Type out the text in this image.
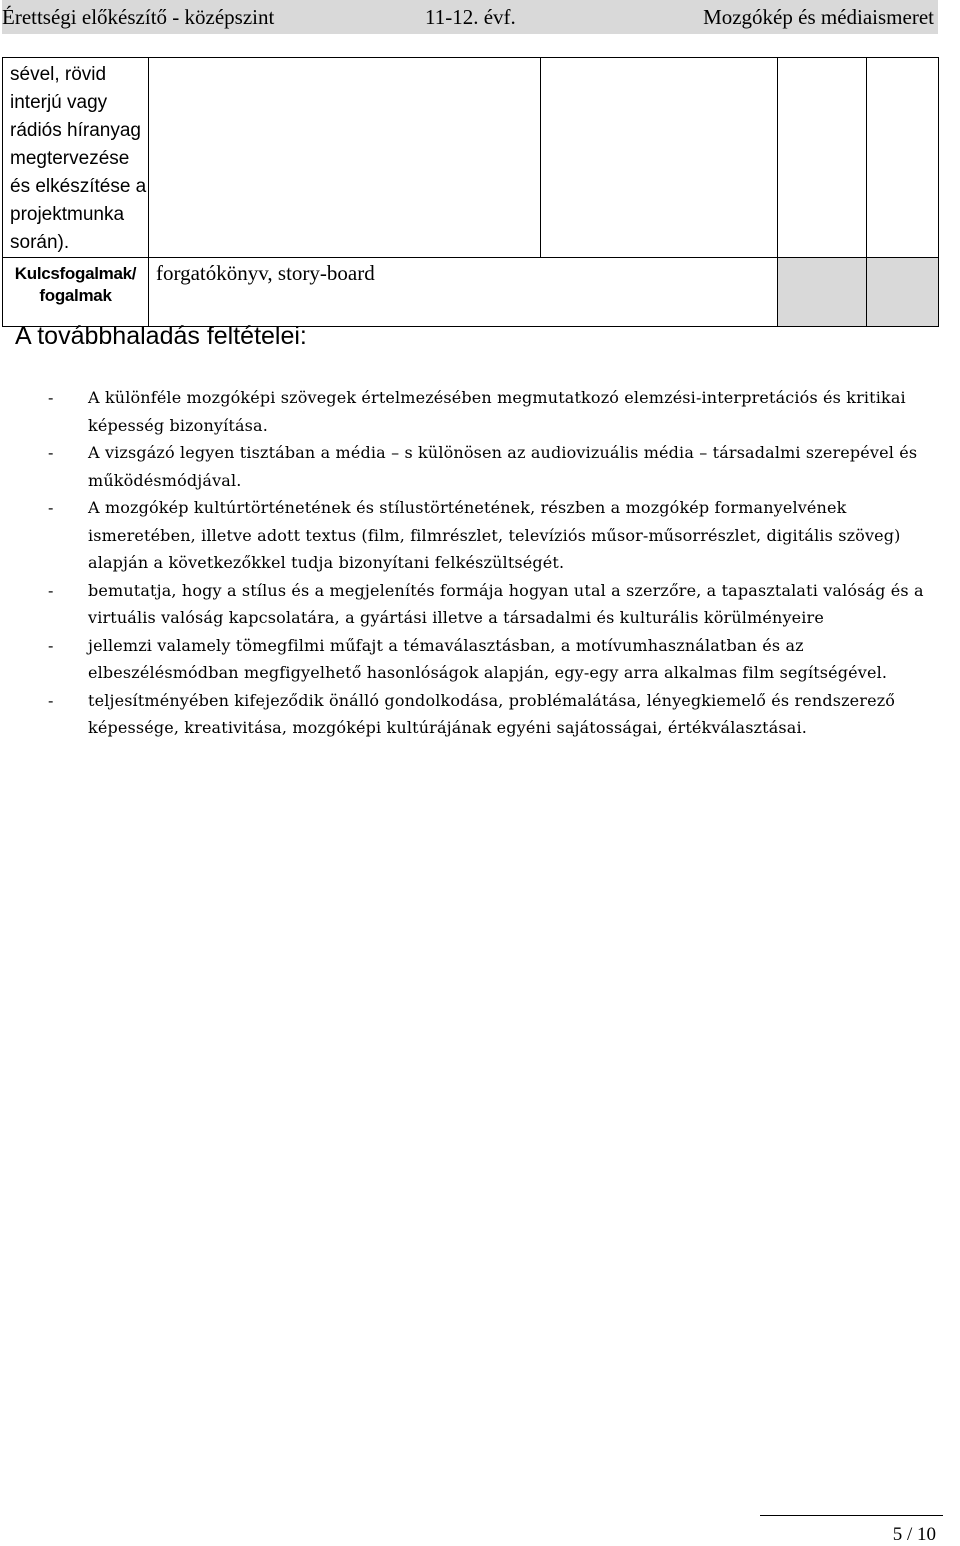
Érettségi előkészítő - középszint	11-12. évf.	Mozgókép és médiaismeret
sével, rövid interjú vagy rádiós híranyag megtervezése és elkészítése a projektmunka során).				

Kulcsfogalmak/ fogalmak	forgatókönyv, story-board			

A továbbhaladás feltételei:
- A különféle mozgóképi szövegek értelmezésében megmutatkozó elemzési-interpretációs és kritikai képesség bizonyítása.
- A vizsgázó legyen tisztában a média – s különösen az audiovizuális média – társadalmi szerepével és működésmódjával.
- A mozgókép kultúrtörténetének és stílustörténetének, részben a mozgókép formanyelvének ismeretében, illetve adott textus (film, filmrészlet, televíziós műsor-műsorrészlet, digitális szöveg) alapján a következőkkel tudja bizonyítani felkészültségét.
- bemutatja, hogy a stílus és a megjelenítés formája hogyan utal a szerzőre, a tapasztalati valóság és a virtuális valóság kapcsolatára, a gyártási illetve a társadalmi és kulturális körülményeire
- jellemzi valamely tömegfilmi műfajt a témaválasztásban, a motívumhasználatban és az elbeszélésmódban megfigyelhető hasonlóságok alapján, egy-egy arra alkalmas film segítségével.
- teljesítményében kifejeződik önálló gondolkodása, problémalátása, lényegkiemelő és rendszerező képessége, kreativitása, mozgóképi kultúrájának egyéni sajátosságai, értékválasztásai.
5 / 10
